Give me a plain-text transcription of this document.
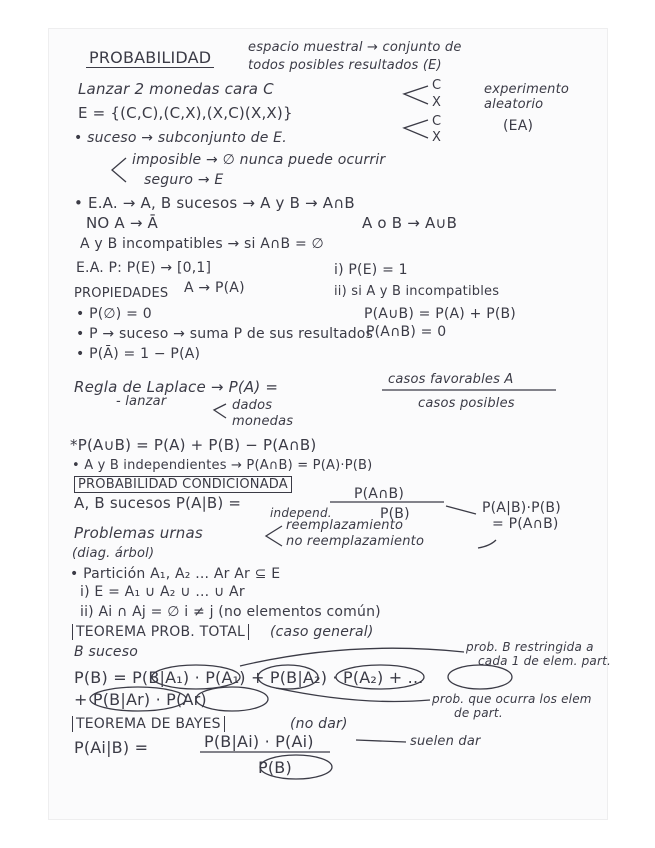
PROBABILIDAD
espacio muestral → conjunto de
todos posibles resultados (E)
Lanzar 2 monedas cara C	C
X
experimento aleatorio
(EA)
E = {(C,C),(C,X),(X,C)(X,X)}	C
X
• suceso → subconjunto de E.
imposible → ∅ nunca puede ocurrir
seguro → E
• E.A. → A, B sucesos → A y B → A∩B
NO A → Ā	A o B → A∪B
A y B incompatibles → si A∩B = ∅
E.A. P: P(E) → [0,1]	i) P(E) = 1
A → P(A)	ii) si A y B incompatibles
PROPIEDADES
P(A∪B) = P(A) + P(B)
• P(∅) = 0
P(A∩B) = 0
• P → suceso → suma P de sus resultados
• P(Ā) = 1 − P(A)
Regla de Laplace → P(A) =	casos favorables A
casos posibles
- lanzar	dados
monedas
*P(A∪B) = P(A) + P(B) − P(A∩B)
• A y B independientes → P(A∩B) = P(A)·P(B)
PROBABILIDAD CONDICIONADA
A, B sucesos P(A|B) =	P(A∩B)
P(B)	P(A|B)·P(B)
= P(A∩B)
independ.
Problemas urnas	reemplazamiento
no reemplazamiento
(diag. árbol)
• Partición A₁, A₂ ... Ar Ar ⊆ E
i) E = A₁ ∪ A₂ ∪ ... ∪ Ar
ii) Ai ∩ Aj = ∅ i ≠ j (no elementos común)
TEOREMA PROB. TOTAL (caso general)
B suceso	prob. B restringida a
cada 1 de elem. part.
P(B) = P(B|A₁) · P(A₁) + P(B|A₂) · P(A₂) + ...
+ P(B|Ar) · P(Ar)	prob. que ocurra los elem
de part.
TEOREMA DE BAYES	(no dar)
suelen dar
P(Ai|B) =	P(B|Ai) · P(Ai)
P(B)
